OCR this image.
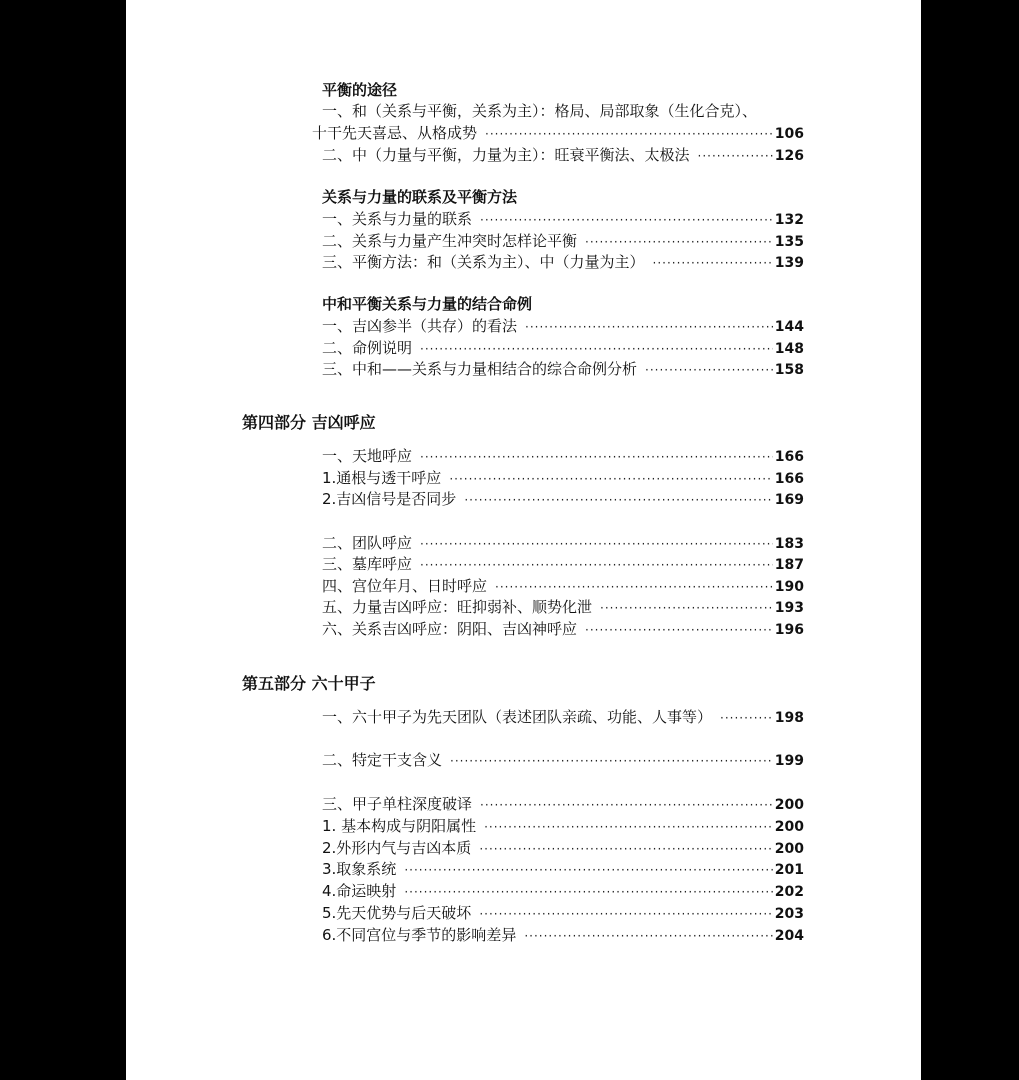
平衡的途径
一、和（关系与平衡，关系为主）：格局、局部取象（生化合克）、
十干先天喜忌、从格成势 ·····	106
二、中（力量与平衡，力量为主）：旺衰平衡法、太极法 ·····	126
关系与力量的联系及平衡方法
一、关系与力量的联系 ·····	132
二、关系与力量产生冲突时怎样论平衡 ·····	135
三、平衡方法：和（关系为主）、中（力量为主） ·····	139
中和平衡关系与力量的结合命例
一、吉凶参半（共存）的看法 ·····	144
二、命例说明 ·····	148
三、中和——关系与力量相结合的综合命例分析 ·····	158
第四部分 吉凶呼应
一、天地呼应 ·····	166
1.通根与透干呼应 ·····	166
2.吉凶信号是否同步 ·····	169
二、团队呼应 ·····	183
三、墓库呼应 ·····	187
四、宫位年月、日时呼应 ·····	190
五、力量吉凶呼应：旺抑弱补、顺势化泄 ·····	193
六、关系吉凶呼应：阴阳、吉凶神呼应 ·····	196
第五部分 六十甲子
一、六十甲子为先天团队（表述团队亲疏、功能、人事等） ·····	198
二、特定干支含义 ·····	199
三、甲子单柱深度破译 ·····	200
1. 基本构成与阴阳属性 ·····	200
2.外形内气与吉凶本质 ·····	200
3.取象系统 ·····	201
4.命运映射 ·····	202
5.先天优势与后天破坏 ·····	203
6.不同宫位与季节的影响差异 ·····	204
